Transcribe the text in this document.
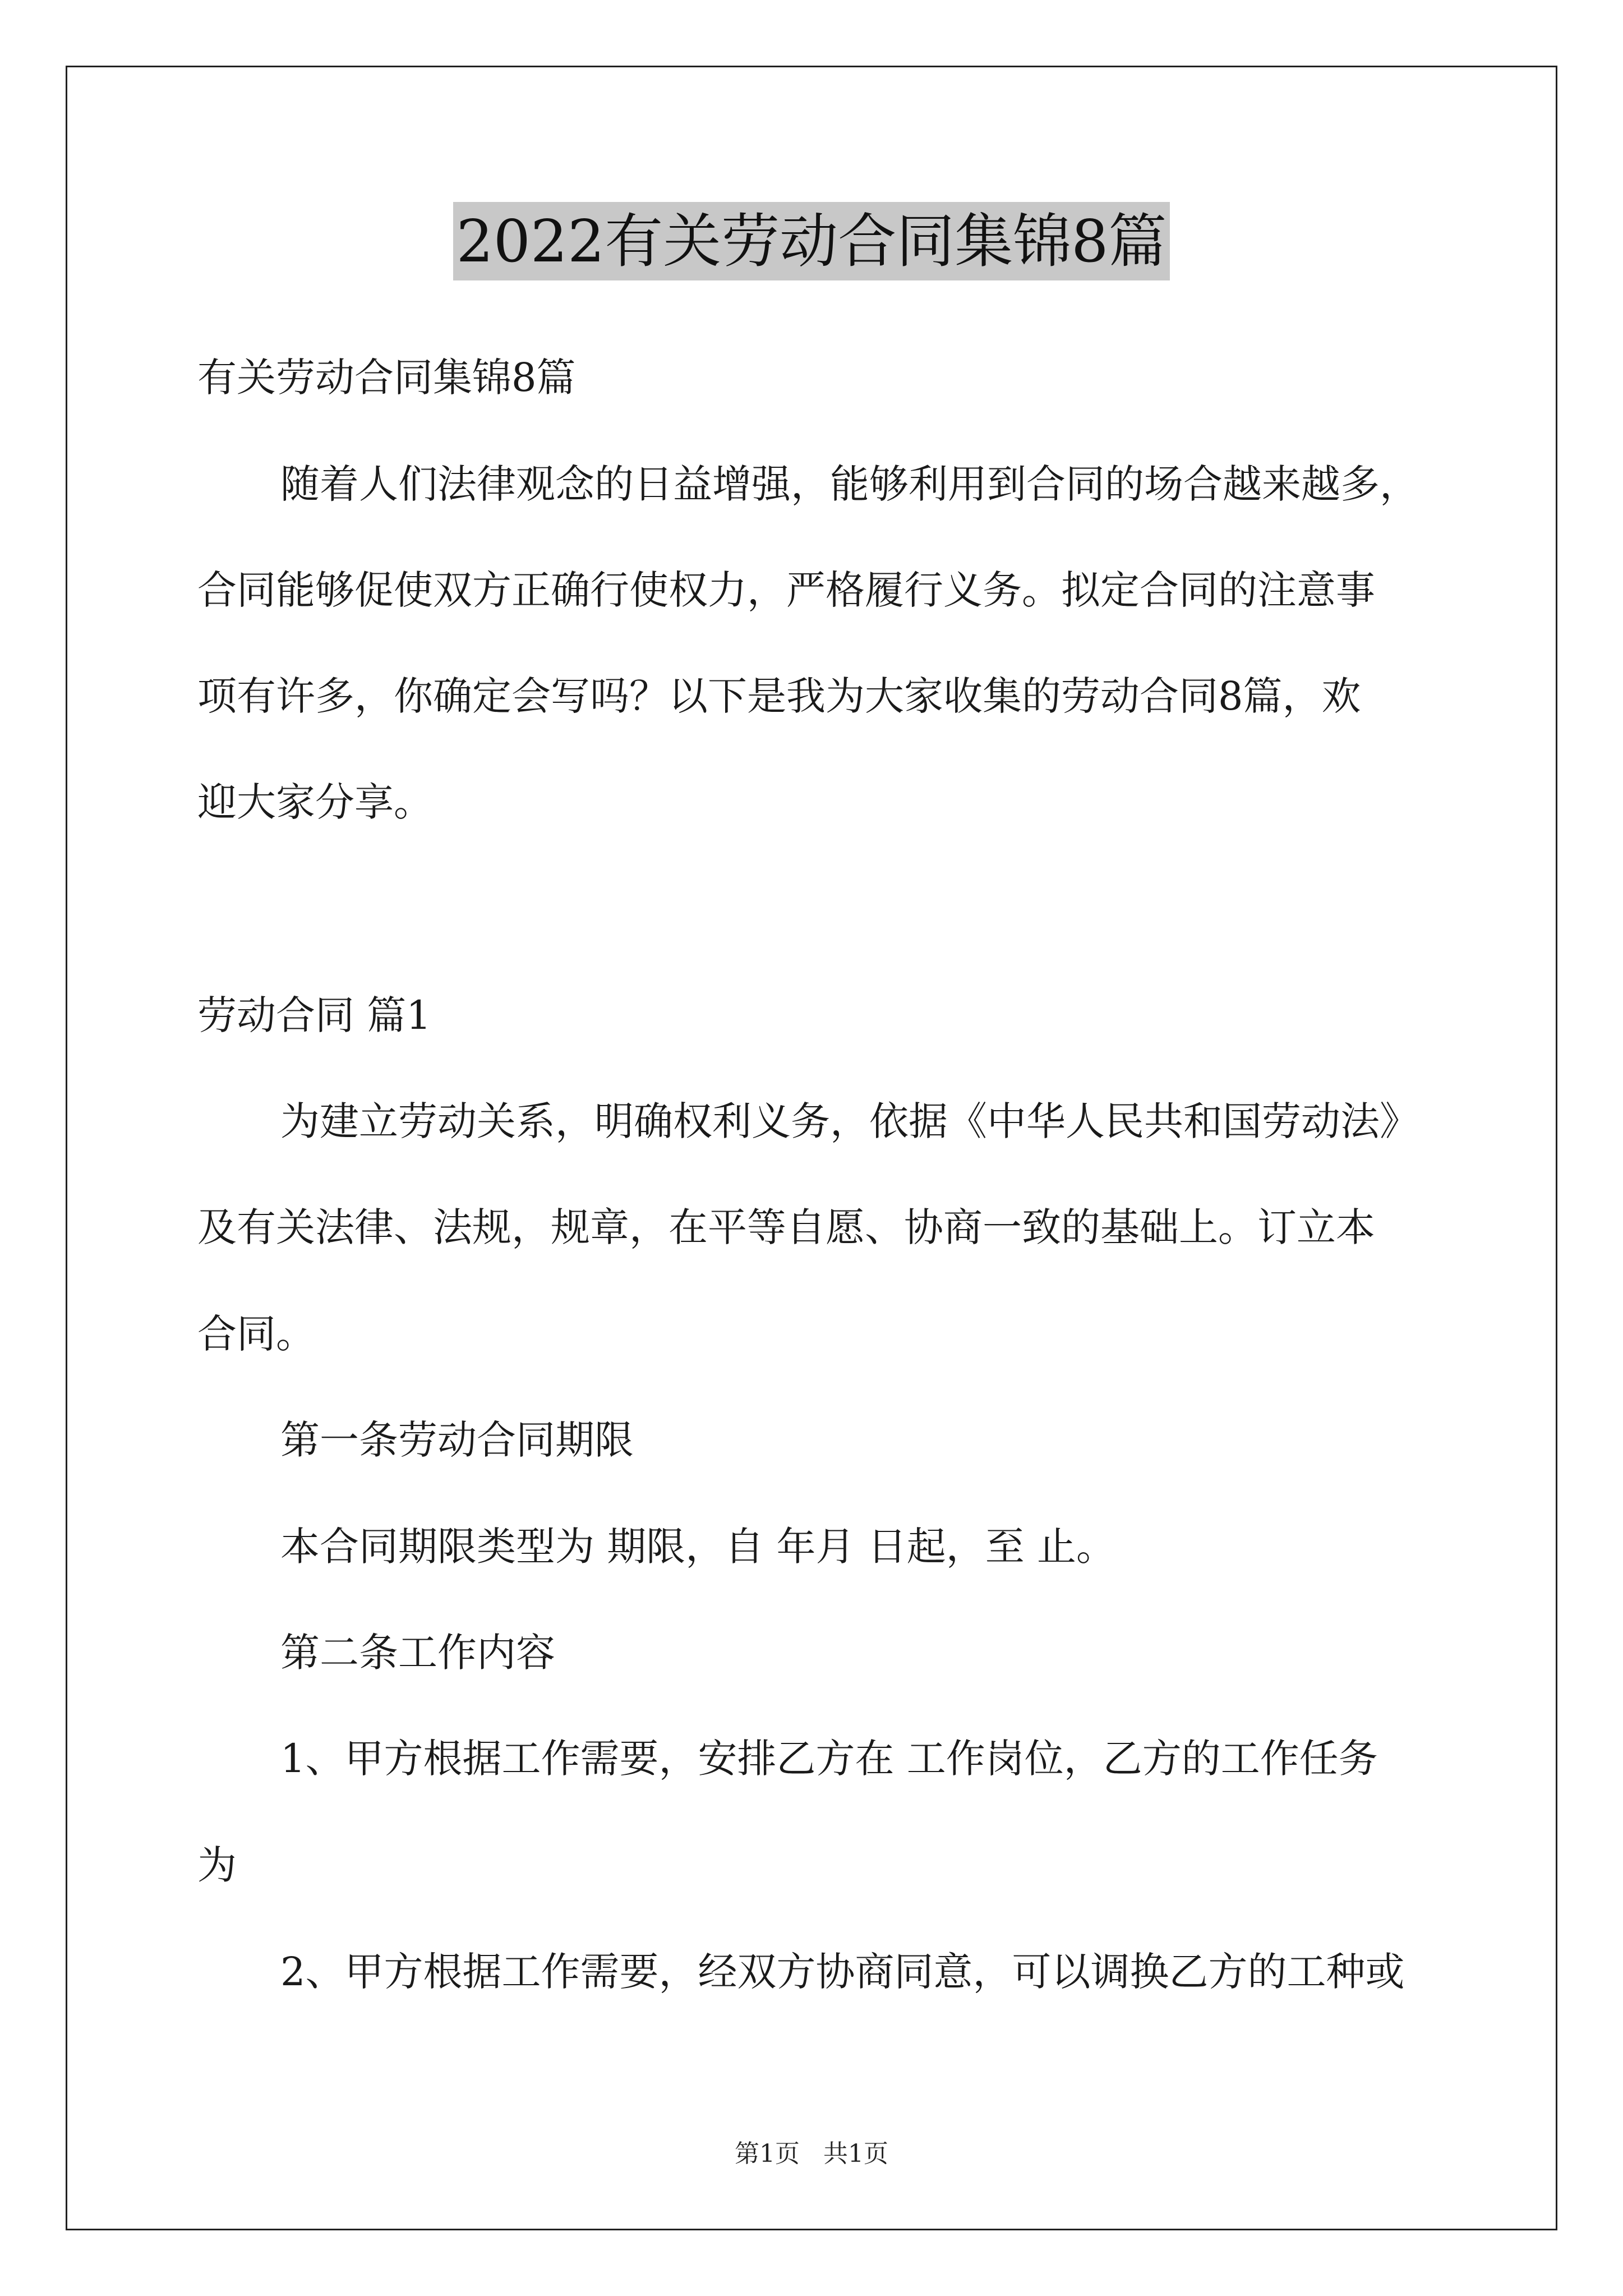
2022有关劳动合同集锦8篇
有关劳动合同集锦8篇
随着人们法律观念的日益增强，能够利用到合同的场合越来越多，
合同能够促使双方正确行使权力，严格履行义务。拟定合同的注意事
项有许多，你确定会写吗？以下是我为大家收集的劳动合同8篇，欢
迎大家分享。
劳动合同 篇1
为建立劳动关系，明确权利义务，依据《中华人民共和国劳动法》
及有关法律、法规，规章，在平等自愿、协商一致的基础上。订立本
合同。
第一条劳动合同期限
本合同期限类型为 期限，自 年月 日起，至 止。
第二条工作内容
1、甲方根据工作需要，安排乙方在 工作岗位，乙方的工作任务
为
2、甲方根据工作需要，经双方协商同意，可以调换乙方的工种或
第1页 共1页
